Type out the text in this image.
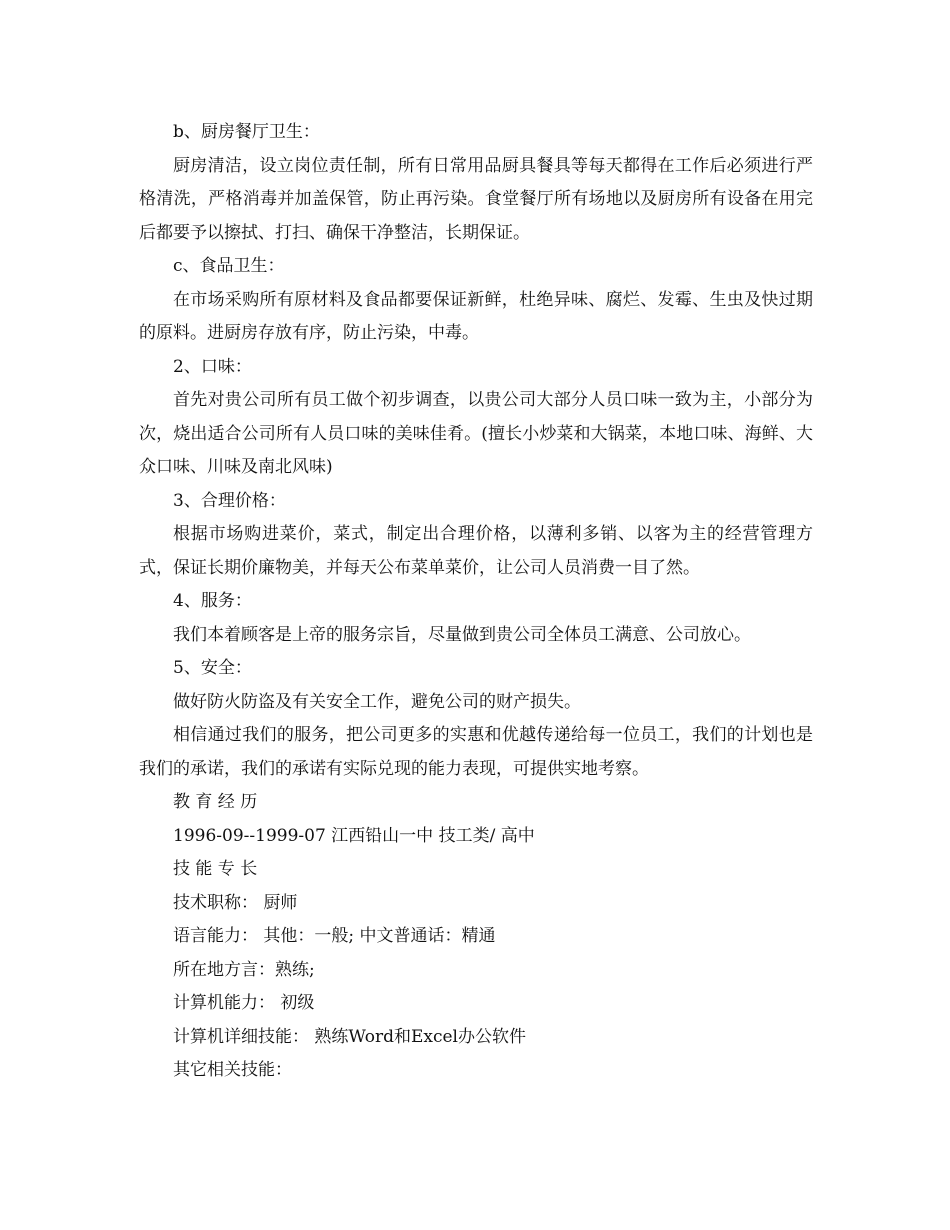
b、厨房餐厅卫生：

厨房清洁，设立岗位责任制，所有日常用品厨具餐具等每天都得在工作后必须进行严格清洗，严格消毒并加盖保管，防止再污染。食堂餐厅所有场地以及厨房所有设备在用完后都要予以擦拭、打扫、确保干净整洁，长期保证。

c、食品卫生：

在市场采购所有原材料及食品都要保证新鲜，杜绝异味、腐烂、发霉、生虫及快过期的原料。进厨房存放有序，防止污染，中毒。

2、口味：

首先对贵公司所有员工做个初步调查，以贵公司大部分人员口味一致为主，小部分为次，烧出适合公司所有人员口味的美味佳肴。(擅长小炒菜和大锅菜，本地口味、海鲜、大众口味、川味及南北风味)

3、合理价格：

根据市场购进菜价，菜式，制定出合理价格，以薄利多销、以客为主的经营管理方式，保证长期价廉物美，并每天公布菜单菜价，让公司人员消费一目了然。

4、服务：

我们本着顾客是上帝的服务宗旨，尽量做到贵公司全体员工满意、公司放心。

5、安全：

做好防火防盗及有关安全工作，避免公司的财产损失。

相信通过我们的服务，把公司更多的实惠和优越传递给每一位员工，我们的计划也是我们的承诺，我们的承诺有实际兑现的能力表现，可提供实地考察。

教 育 经 历

1996-09--1999-07 江西铅山一中 技工类/ 高中

技 能 专 长

技术职称： 厨师

语言能力： 其他：一般; 中文普通话：精通

所在地方言：熟练;

计算机能力： 初级

计算机详细技能： 熟练Word和Excel办公软件

其它相关技能：
